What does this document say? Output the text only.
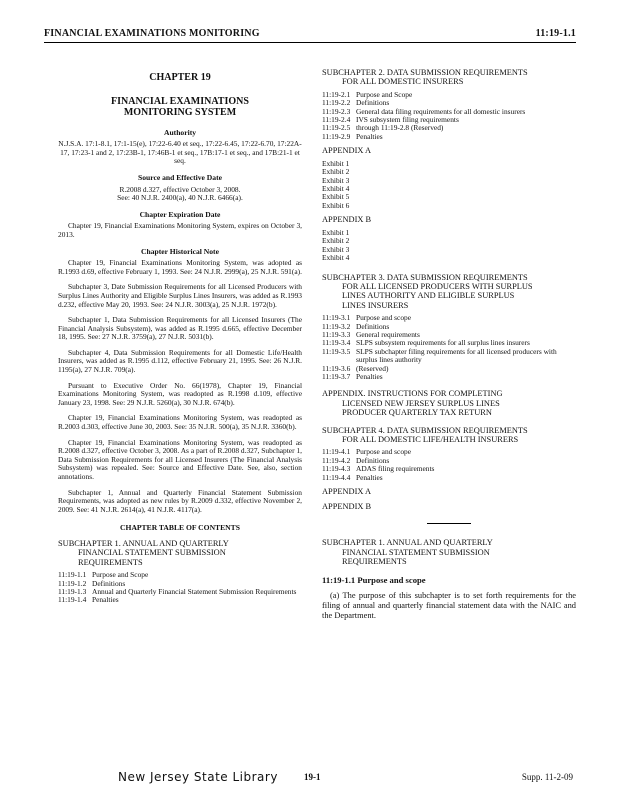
FINANCIAL EXAMINATIONS MONITORING	11:19-1.1
CHAPTER 19
FINANCIAL EXAMINATIONS
MONITORING SYSTEM
Authority
N.J.S.A. 17:1-8.1, 17:1-15(e), 17:22-6.40 et seq., 17:22-6.45, 17:22-6.70, 17:22A-17, 17:23-1 and 2, 17:23B-1, 17:46B-1 et seq., 17B:17-1 et seq., and 17B:21-1 et seq.
Source and Effective Date
R.2008 d.327, effective October 3, 2008.
See: 40 N.J.R. 2400(a), 40 N.J.R. 6466(a).
Chapter Expiration Date
Chapter 19, Financial Examinations Monitoring System, expires on October 3, 2013.
Chapter Historical Note
Chapter 19, Financial Examinations Monitoring System, was adopted as R.1993 d.69, effective February 1, 1993. See: 24 N.J.R. 2999(a), 25 N.J.R. 591(a).
Subchapter 3, Date Submission Requirements for all Licensed Producers with Surplus Lines Authority and Eligible Surplus Lines Insurers, was added as R.1993 d.232, effective May 20, 1993. See: 24 N.J.R. 3003(a), 25 N.J.R. 1972(b).
Subchapter 1, Data Submission Requirements for all Licensed Insurers (The Financial Analysis Subsystem), was added as R.1995 d.665, effective December 18, 1995. See: 27 N.J.R. 3759(a), 27 N.J.R. 5031(b).
Subchapter 4, Data Submission Requirements for all Domestic Life/Health Insurers, was added as R.1995 d.112, effective February 21, 1995. See: 26 N.J.R. 1195(a), 27 N.J.R. 709(a).
Pursuant to Executive Order No. 66(1978), Chapter 19, Financial Examinations Monitoring System, was readopted as R.1998 d.109, effective January 23, 1998. See: 29 N.J.R. 5260(a), 30 N.J.R. 674(b).
Chapter 19, Financial Examinations Monitoring System, was readopted as R.2003 d.303, effective June 30, 2003. See: 35 N.J.R. 500(a), 35 N.J.R. 3360(b).
Chapter 19, Financial Examinations Monitoring System, was readopted as R.2008 d.327, effective October 3, 2008. As a part of R.2008 d.327, Subchapter 1, Data Submission Requirements for all Licensed Insurers (The Financial Analysis Subsystem) was repealed. See: Source and Effective Date. See, also, section annotations.
Subchapter 1, Annual and Quarterly Financial Statement Submission Requirements, was adopted as new rules by R.2009 d.332, effective November 2, 2009. See: 41 N.J.R. 2614(a), 41 N.J.R. 4117(a).
CHAPTER TABLE OF CONTENTS
SUBCHAPTER 1. ANNUAL AND QUARTERLY
FINANCIAL STATEMENT SUBMISSION
REQUIREMENTS
11:19-1.1 Purpose and Scope
11:19-1.2 Definitions
11:19-1.3 Annual and Quarterly Financial Statement Submission Requirements
11:19-1.4 Penalties
SUBCHAPTER 2. DATA SUBMISSION REQUIREMENTS
FOR ALL DOMESTIC INSURERS
11:19-2.1 Purpose and Scope
11:19-2.2 Definitions
11:19-2.3 General data filing requirements for all domestic insurers
11:19-2.4 IVS subsystem filing requirements
11:19-2.5 through 11:19-2.8 (Reserved)
11:19-2.9 Penalties
APPENDIX A
Exhibit 1
Exhibit 2
Exhibit 3
Exhibit 4
Exhibit 5
Exhibit 6
APPENDIX B
Exhibit 1
Exhibit 2
Exhibit 3
Exhibit 4
SUBCHAPTER 3. DATA SUBMISSION REQUIREMENTS
FOR ALL LICENSED PRODUCERS WITH SURPLUS
LINES AUTHORITY AND ELIGIBLE SURPLUS
LINES INSURERS
11:19-3.1 Purpose and scope
11:19-3.2 Definitions
11:19-3.3 General requirements
11:19-3.4 SLPS subsystem requirements for all surplus lines insurers
11:19-3.5 SLPS subchapter filing requirements for all licensed producers with surplus lines authority
11:19-3.6 (Reserved)
11:19-3.7 Penalties
APPENDIX. INSTRUCTIONS FOR COMPLETING
LICENSED NEW JERSEY SURPLUS LINES
PRODUCER QUARTERLY TAX RETURN
SUBCHAPTER 4. DATA SUBMISSION REQUIREMENTS
FOR ALL DOMESTIC LIFE/HEALTH INSURERS
11:19-4.1 Purpose and scope
11:19-4.2 Definitions
11:19-4.3 ADAS filing requirements
11:19-4.4 Penalties
APPENDIX A
APPENDIX B
SUBCHAPTER 1. ANNUAL AND QUARTERLY
FINANCIAL STATEMENT SUBMISSION
REQUIREMENTS
11:19-1.1 Purpose and scope

(a) The purpose of this subchapter is to set forth requirements for the filing of annual and quarterly financial statement data with the NAIC and the Department.

New Jersey State Library	19-1	Supp. 11-2-09
